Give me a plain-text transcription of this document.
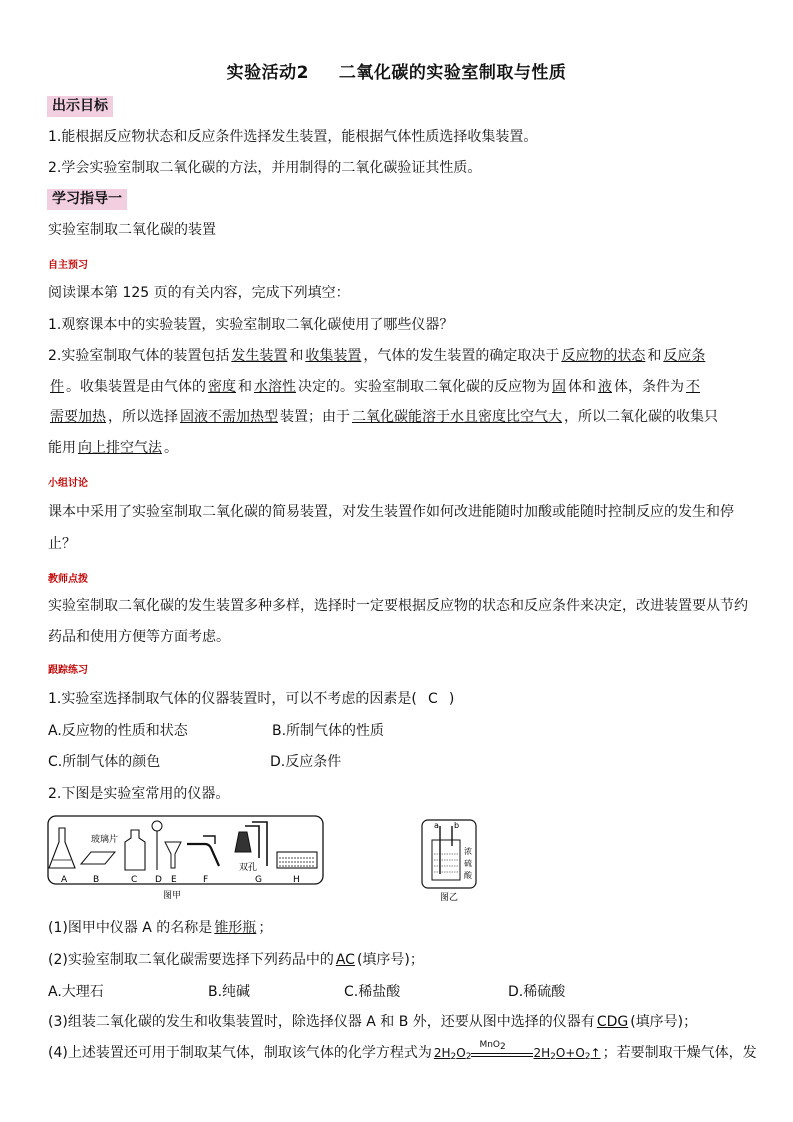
实验活动2 二氧化碳的实验室制取与性质
出示目标
1.能根据反应物状态和反应条件选择发生装置，能根据气体性质选择收集装置。
2.学会实验室制取二氧化碳的方法，并用制得的二氧化碳验证其性质。
学习指导一
实验室制取二氧化碳的装置
自主预习
阅读课本第 125 页的有关内容，完成下列填空：
1.观察课本中的实验装置，实验室制取二氧化碳使用了哪些仪器？
2.实验室制取气体的装置包括 发生装置 和 收集装置 ，气体的发生装置的确定取决于 反应物的状态 和 反应条
件 。收集装置是由气体的 密度 和 水溶性 决定的。实验室制取二氧化碳的反应物为 固 体和 液 体，条件为 不
需要加热 ，所以选择 固液不需加热型 装置；由于 二氧化碳能溶于水且密度比空气大 ，所以二氧化碳的收集只
能用 向上排空气法 。
小组讨论
课本中采用了实验室制取二氧化碳的简易装置，对发生装置作如何改进能随时加酸或能随时控制反应的发生和停
止？
教师点拨
实验室制取二氧化碳的发生装置多种多样，选择时一定要根据反应物的状态和反应条件来决定，改进装置要从节约
药品和使用方便等方面考虑。
跟踪练习
1.实验室选择制取气体的仪器装置时，可以不考虑的因素是( C )
A.反应物的性质和状态	B.所制气体的性质
C.所制气体的颜色	D.反应条件
2.下图是实验室常用的仪器。
玻璃片
双孔
A	B	C D E	F	G	H
图甲
a b
浓
硫
酸
图乙
(1)图甲中仪器 A 的名称是 锥形瓶 ；
(2)实验室制取二氧化碳需要选择下列药品中的 AC (填序号)；
A.大理石	B.纯碱	C.稀盐酸	D.稀硫酸
(3)组装二氧化碳的发生和收集装置时，除选择仪器 A 和 B 外，还要从图中选择的仪器有 CDG (填序号)；
(4)上述装置还可用于制取某气体，制取该气体的化学方程式为 $2H_2O_2$
MnO2 $2H_2O+O_2↑$ ；若要制取干燥气体，发
